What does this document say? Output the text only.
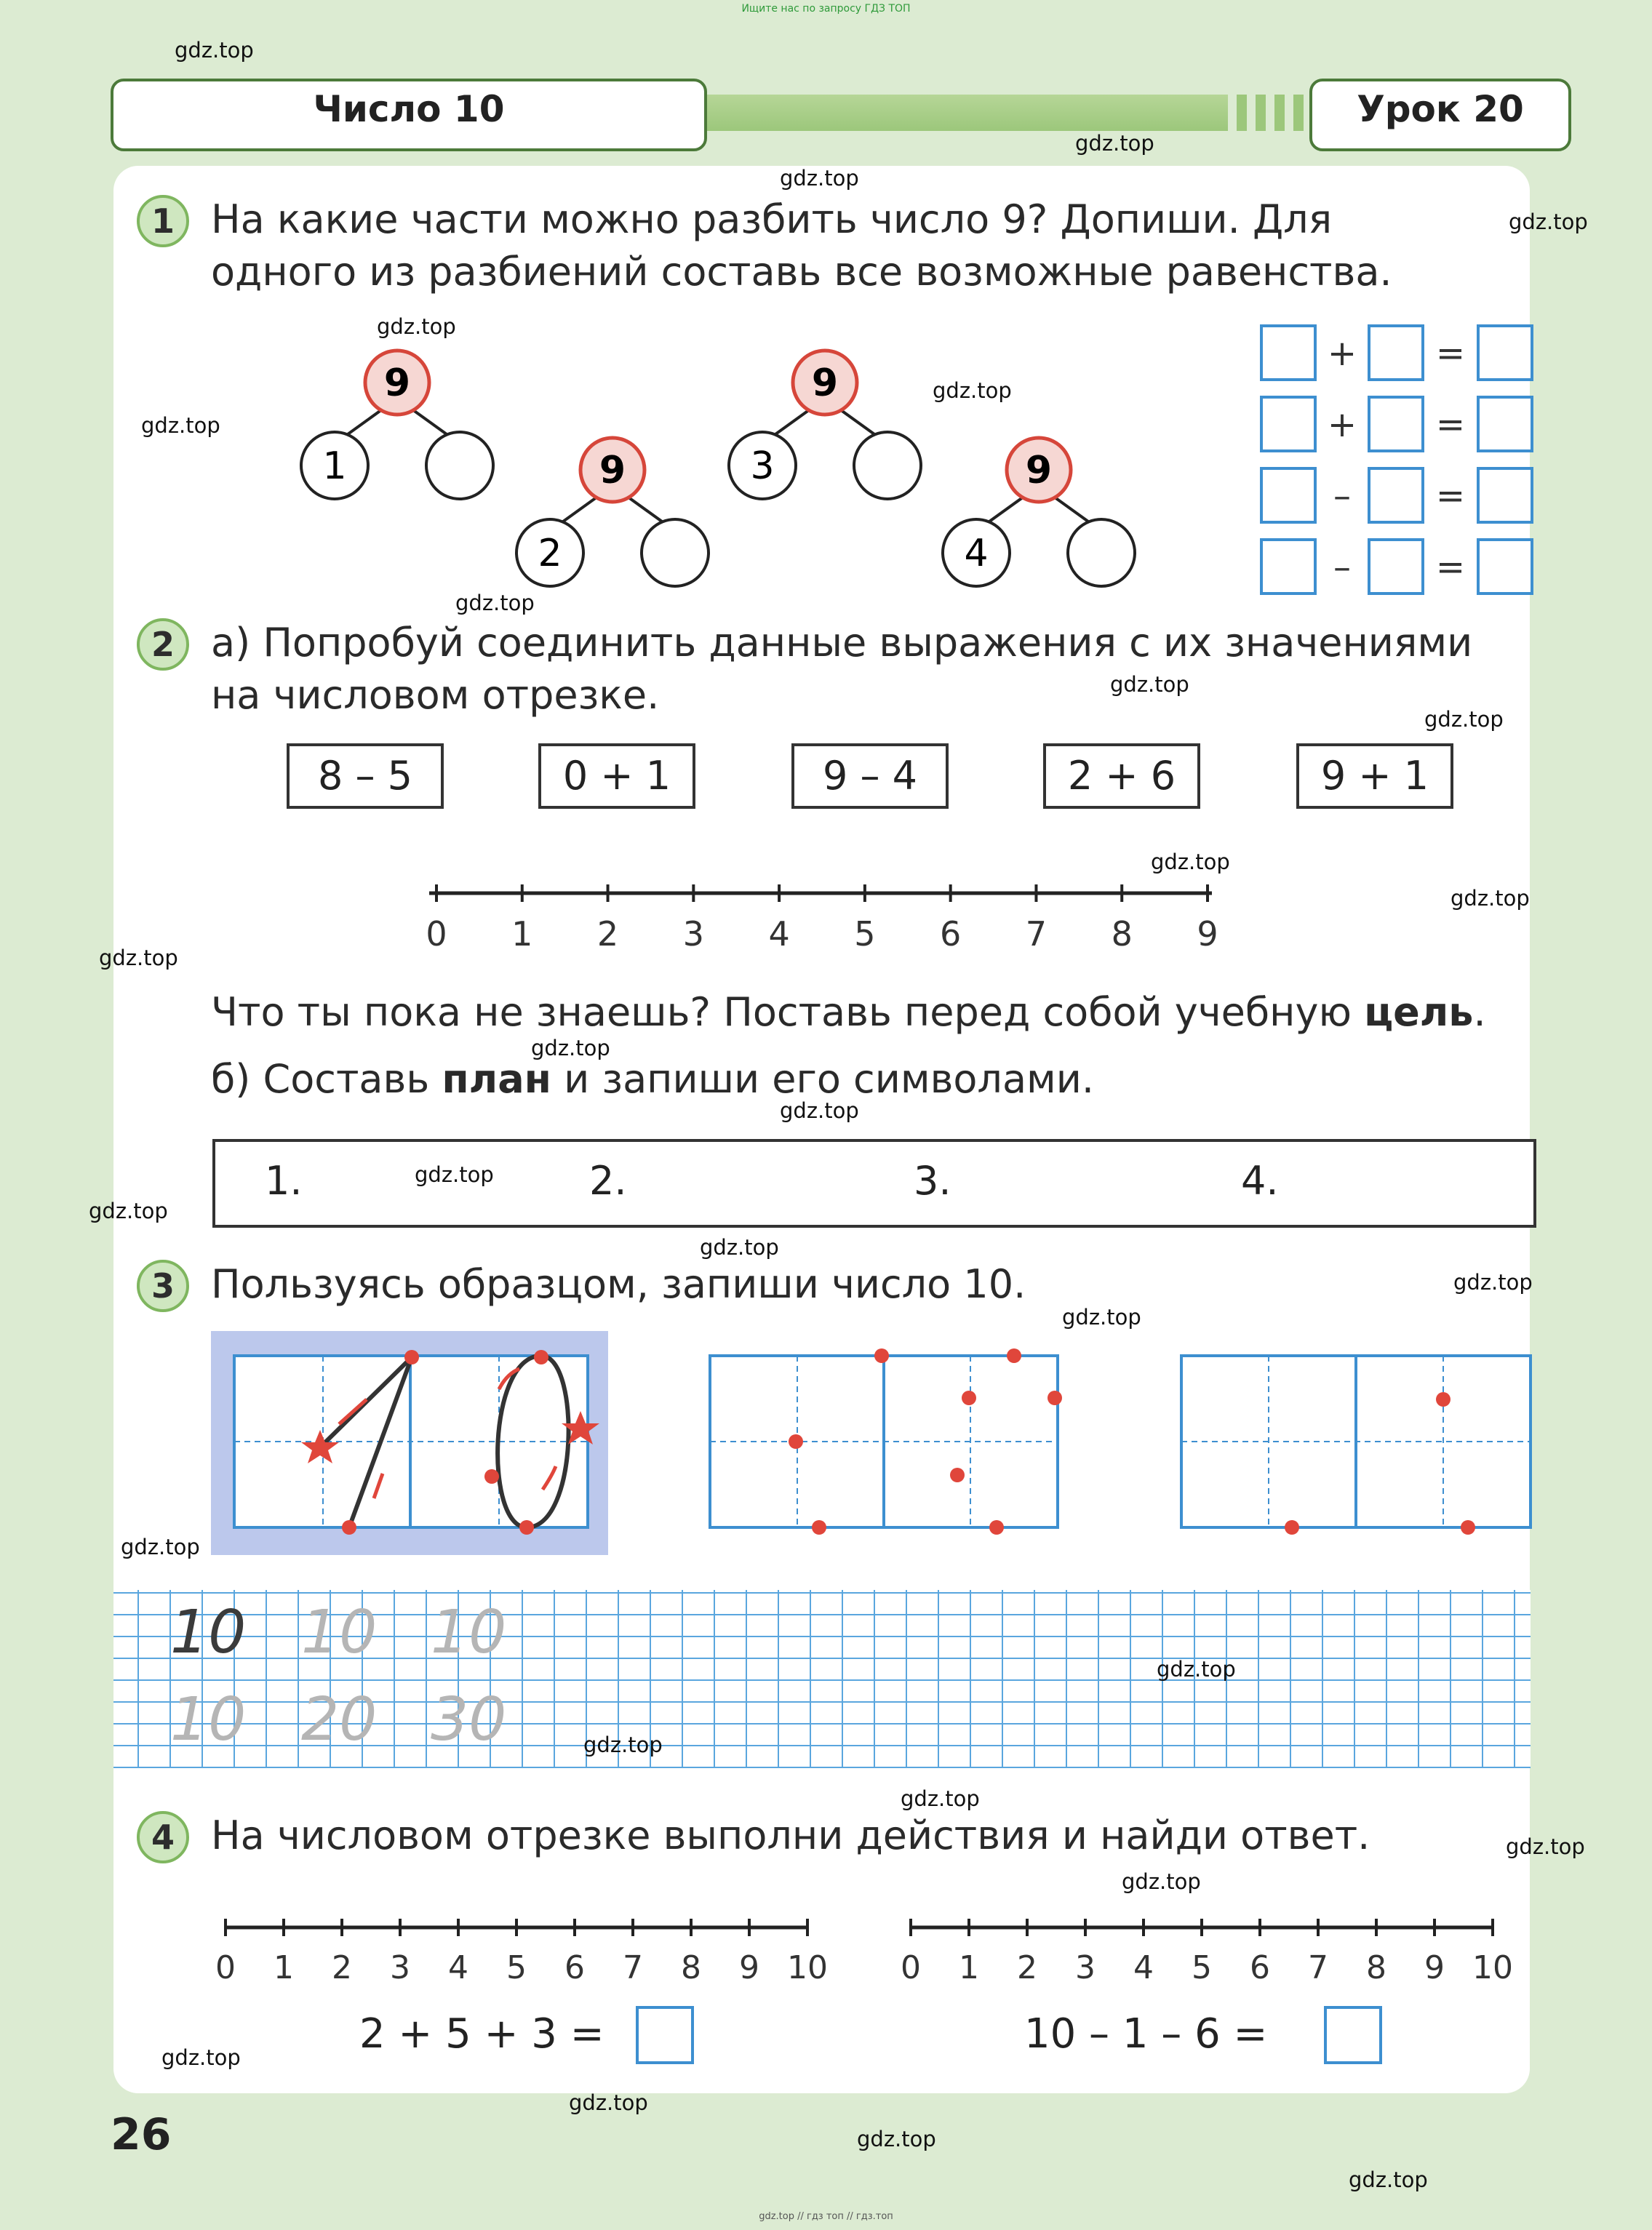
Ищите нас по запросу ГДЗ ТОП
gdz.top // гдз топ // гдз.топ
Число 10	Урок 20
1 На какие части можно разбить число 9? Допиши. Для
одного из разбиений составь все возможные равенства.
9
1	9
2
9
3	9
4
+ =
+ =
– =
– =
2 а) Попробуй соединить данные выражения с их значениями
на числовом отрезке.
8 – 5	0 + 1	9 – 4	2 + 6	9 + 1
0 1 2 3 4 5 6 7 8 9
Что ты пока не знаешь? Поставь перед собой учебную цель.
б) Составь план и запиши его символами.
1.	2.	3.	4.
3 Пользуясь образцом, запиши число 10.
10 10 10
10 20 30
4 На числовом отрезке выполни действия и найди ответ.
0 1 2 3 4 5 6 7 8 9 10 0 1 2 3 4 5 6 7 8 9 10
2 + 5 + 3 =	10 – 1 – 6 =
26
gdz.top
gdz.top
gdz.top
gdz.top
gdz.top
gdz.top
gdz.top
gdz.top
gdz.top
gdz.top
gdz.top
gdz.top
gdz.top
gdz.top
gdz.top
gdz.top
gdz.top
gdz.top
gdz.top
gdz.top
gdz.top
gdz.top
gdz.top
gdz.top
gdz.top
gdz.top
gdz.top
gdz.top
gdz.top
gdz.top
